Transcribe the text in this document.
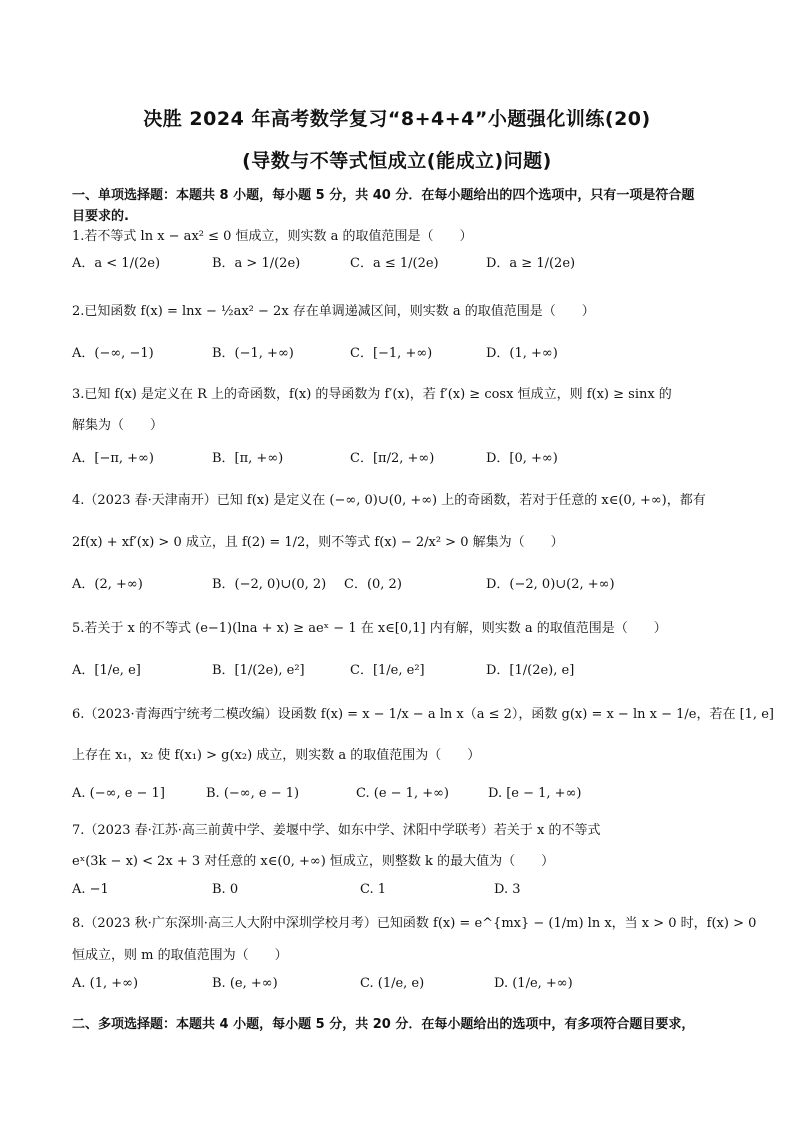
决胜 2024 年高考数学复习“8+4+4”小题强化训练(20)
(导数与不等式恒成立(能成立)问题)
一、单项选择题：本题共 8 小题，每小题 5 分，共 40 分．在每小题给出的四个选项中，只有一项是符合题
目要求的.
1.若不等式 ln x − ax² ≤ 0 恒成立，则实数 a 的取值范围是（　　）
A．a < 1/(2e)	B．a > 1/(2e)	C．a ≤ 1/(2e)	D．a ≥ 1/(2e)
2.已知函数 f(x) = lnx − ½ax² − 2x 存在单调递减区间，则实数 a 的取值范围是（　　）
A．(−∞, −1)	B．(−1, +∞)	C．[−1, +∞)	D．(1, +∞)
3.已知 f(x) 是定义在 R 上的奇函数，f(x) 的导函数为 f′(x)，若 f′(x) ≥ cosx 恒成立，则 f(x) ≥ sinx 的
解集为（　　）
A．[−π, +∞)	B．[π, +∞)	C．[π/2, +∞)	D．[0, +∞)
4.（2023 春·天津南开）已知 f(x) 是定义在 (−∞, 0)∪(0, +∞) 上的奇函数，若对于任意的 x∈(0, +∞)，都有
2f(x) + xf′(x) > 0 成立，且 f(2) = 1/2，则不等式 f(x) − 2/x² > 0 解集为（　　）
A．(2, +∞)	B．(−2, 0)∪(0, 2) C．(0, 2)	D．(−2, 0)∪(2, +∞)
5.若关于 x 的不等式 (e−1)(lna + x) ≥ aeˣ − 1 在 x∈[0,1] 内有解，则实数 a 的取值范围是（　　）
A．[1/e, e]	B．[1/(2e), e²]	C．[1/e, e²]	D．[1/(2e), e]
6.（2023·青海西宁统考二模改编）设函数 f(x) = x − 1/x − a ln x（a ≤ 2），函数 g(x) = x − ln x − 1/e，若在 [1, e]
上存在 x₁，x₂ 使 f(x₁) > g(x₂) 成立，则实数 a 的取值范围为（　　）
A. (−∞, e − 1]	B. (−∞, e − 1)	C. (e − 1, +∞)	D. [e − 1, +∞)
7.（2023 春·江苏·高三前黄中学、姜堰中学、如东中学、沭阳中学联考）若关于 x 的不等式
eˣ(3k − x) < 2x + 3 对任意的 x∈(0, +∞) 恒成立，则整数 k 的最大值为（　　）
A. −1	B. 0	C. 1	D. 3
8.（2023 秋·广东深圳·高三人大附中深圳学校月考）已知函数 f(x) = e^{mx} − (1/m) ln x，当 x > 0 时，f(x) > 0
恒成立，则 m 的取值范围为（　　）
A. (1, +∞)	B. (e, +∞)	C. (1/e, e)	D. (1/e, +∞)
二、多项选择题：本题共 4 小题，每小题 5 分，共 20 分．在每小题给出的选项中，有多项符合题目要求，
